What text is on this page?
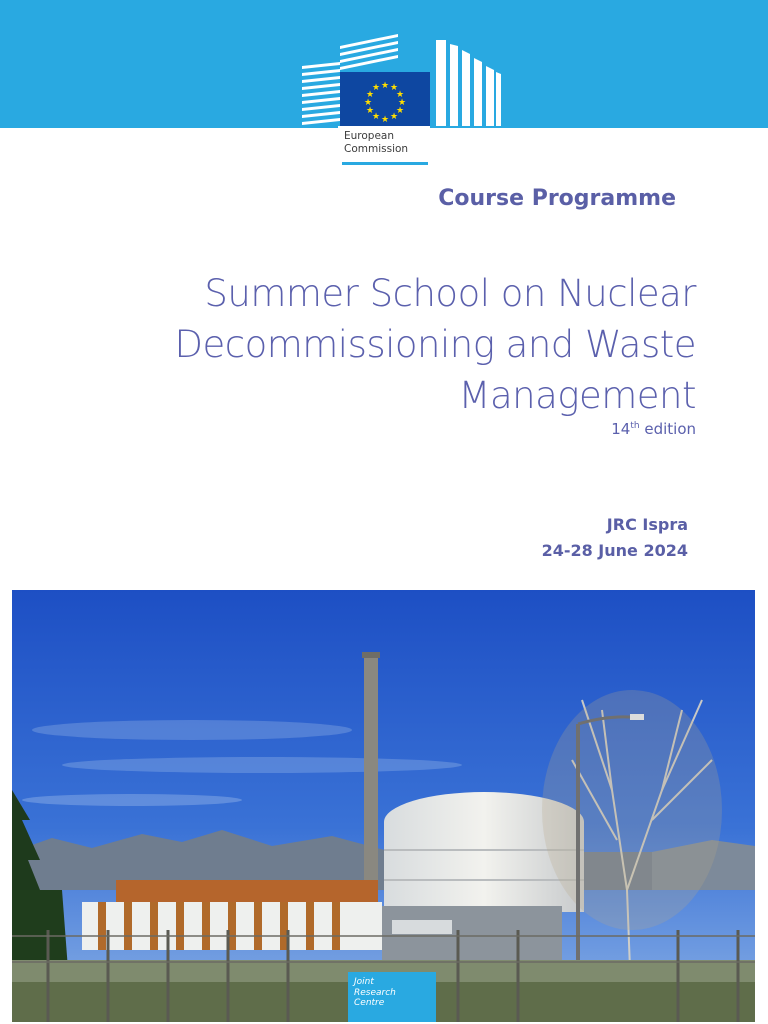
★ ★
★
★
★
★
★
★
★
★
★
★
European
Commission
Course Programme
Summer School on Nuclear
Decommissioning and Waste
Management
14th edition
JRC Ispra
24-28 June 2024
Joint
Research
Centre
